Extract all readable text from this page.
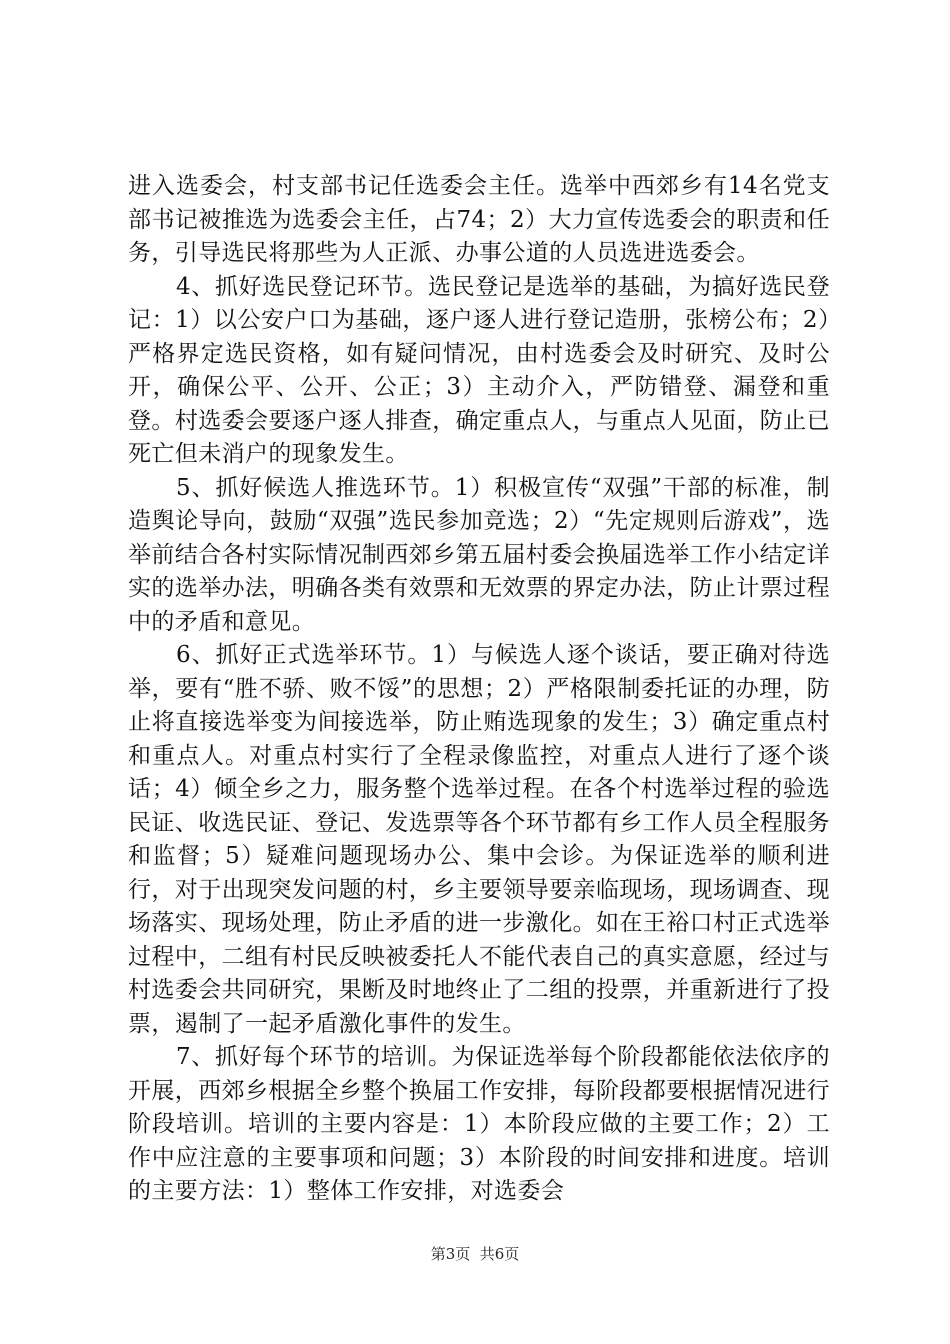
进入选委会，村支部书记任选委会主任。选举中西郊乡有14名党支部书记被推选为选委会主任，占74；2）大力宣传选委会的职责和任务，引导选民将那些为人正派、办事公道的人员选进选委会。

4、抓好选民登记环节。选民登记是选举的基础，为搞好选民登记：1）以公安户口为基础，逐户逐人进行登记造册，张榜公布；2）严格界定选民资格，如有疑问情况，由村选委会及时研究、及时公开，确保公平、公开、公正；3）主动介入，严防错登、漏登和重登。村选委会要逐户逐人排查，确定重点人，与重点人见面，防止已死亡但未消户的现象发生。

5、抓好候选人推选环节。1）积极宣传“双强”干部的标准，制造舆论导向，鼓励“双强”选民参加竞选；2）“先定规则后游戏”，选举前结合各村实际情况制西郊乡第五届村委会换届选举工作小结定详实的选举办法，明确各类有效票和无效票的界定办法，防止计票过程中的矛盾和意见。

6、抓好正式选举环节。1）与候选人逐个谈话，要正确对待选举，要有“胜不骄、败不馁”的思想；2）严格限制委托证的办理，防止将直接选举变为间接选举，防止贿选现象的发生；3）确定重点村和重点人。对重点村实行了全程录像监控，对重点人进行了逐个谈话；4）倾全乡之力，服务整个选举过程。在各个村选举过程的验选民证、收选民证、登记、发选票等各个环节都有乡工作人员全程服务和监督；5）疑难问题现场办公、集中会诊。为保证选举的顺利进行，对于出现突发问题的村，乡主要领导要亲临现场，现场调查、现场落实、现场处理，防止矛盾的进一步激化。如在王裕口村正式选举过程中，二组有村民反映被委托人不能代表自己的真实意愿，经过与村选委会共同研究，果断及时地终止了二组的投票，并重新进行了投票，遏制了一起矛盾激化事件的发生。

7、抓好每个环节的培训。为保证选举每个阶段都能依法依序的开展，西郊乡根据全乡整个换届工作安排，每阶段都要根据情况进行阶段培训。培训的主要内容是：1）本阶段应做的主要工作；2）工作中应注意的主要事项和问题；3）本阶段的时间安排和进度。培训的主要方法：1）整体工作安排，对选委会

第3页  共6页
